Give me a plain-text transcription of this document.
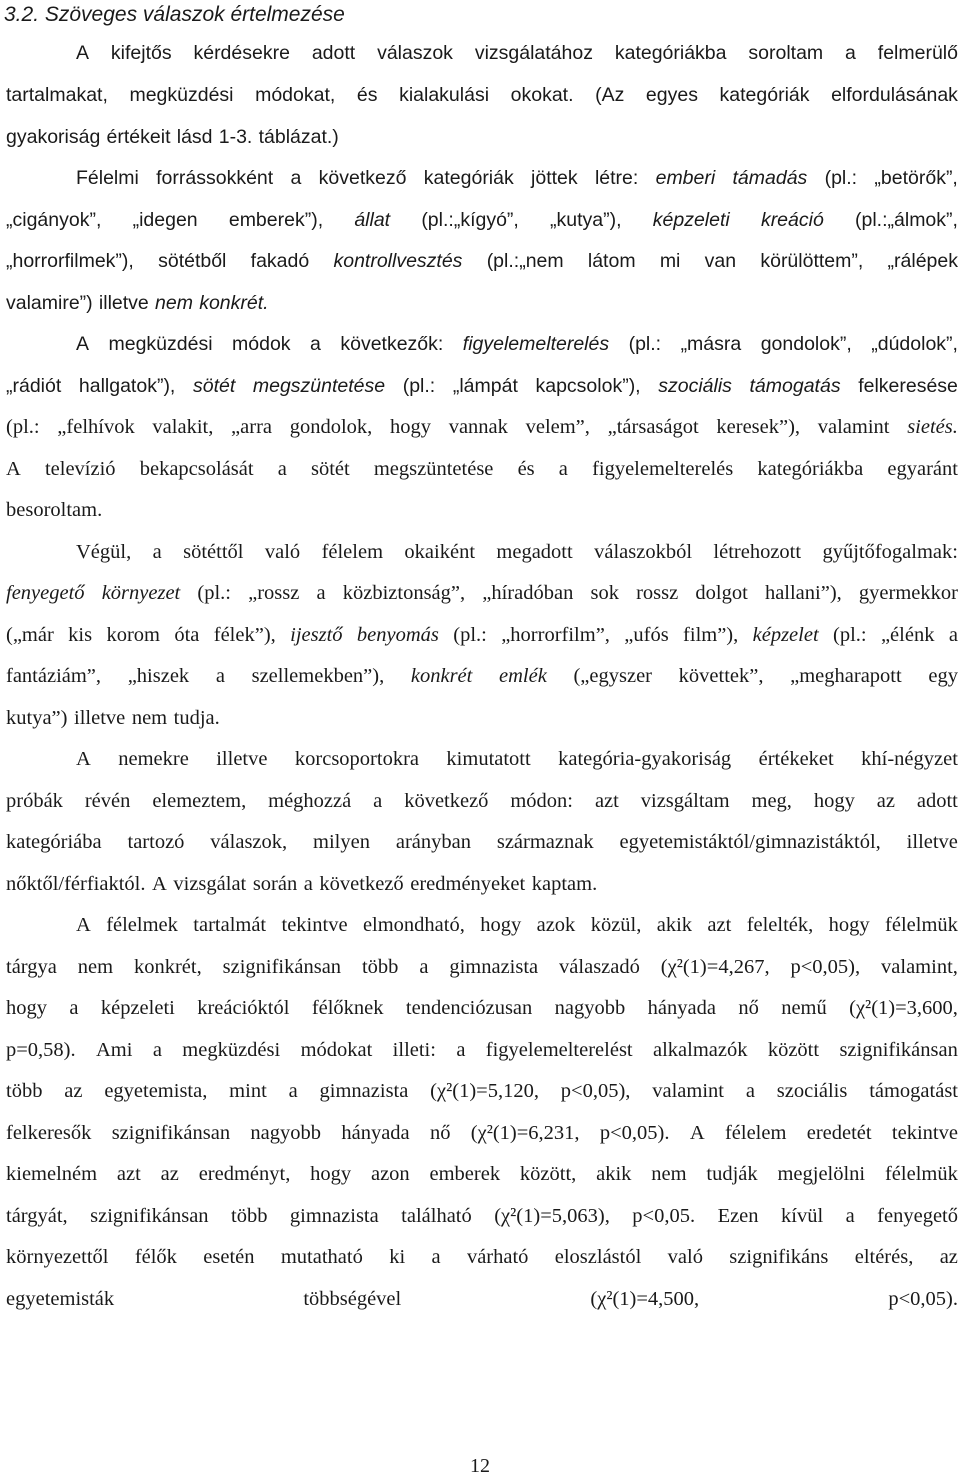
3.2. Szöveges válaszok értelmezése
A kifejtős kérdésekre adott válaszok vizsgálatához kategóriákba soroltam a felmerülő
tartalmakat, megküzdési módokat, és kialakulási okokat. (Az egyes kategóriák elfordulásának
gyakoriság értékeit lásd 1-3. táblázat.)
Félelmi forrássokként a következő kategóriák jöttek létre: emberi támadás (pl.: „betörők”,
„cigányok”, „idegen emberek”), állat (pl.:„kígyó”, „kutya”), képzeleti kreáció (pl.:„álmok”,
„horrorfilmek”), sötétből fakadó kontrollvesztés (pl.:„nem látom mi van körülöttem”, „rálépek
valamire”) illetve nem konkrét.
A megküzdési módok a következők: figyelemelterelés (pl.: „másra gondolok”, „dúdolok”,
„rádiót hallgatok”), sötét megszüntetése (pl.: „lámpát kapcsolok”), szociális támogatás felkeresése
(pl.: „felhívok valakit, „arra gondolok, hogy vannak velem”, „társaságot keresek”), valamint sietés.
A televízió bekapcsolását a sötét megszüntetése és a figyelemelterelés kategóriákba egyaránt
besoroltam.
Végül, a sötéttől való félelem okaiként megadott válaszokból létrehozott gyűjtőfogalmak:
fenyegető környezet (pl.: „rossz a közbiztonság”, „híradóban sok rossz dolgot hallani”), gyermekkor
(„már kis korom óta félek”), ijesztő benyomás (pl.: „horrorfilm”, „ufós film”), képzelet (pl.: „élénk a
fantáziám”, „hiszek a szellemekben”), konkrét emlék („egyszer követtek”, „megharapott egy
kutya”) illetve nem tudja.
A nemekre illetve korcsoportokra kimutatott kategória-gyakoriság értékeket khí-négyzet
próbák révén elemeztem, méghozzá a következő módon: azt vizsgáltam meg, hogy az adott
kategóriába tartozó válaszok, milyen arányban származnak egyetemistáktól/gimnazistáktól, illetve
nőktől/férfiaktól. A vizsgálat során a következő eredményeket kaptam.
A félelmek tartalmát tekintve elmondható, hogy azok közül, akik azt felelték, hogy félelmük
tárgya nem konkrét, szignifikánsan több a gimnazista válaszadó (χ²(1)=4,267, p<0,05), valamint,
hogy a képzeleti kreációktól félőknek tendenciózusan nagyobb hányada nő nemű (χ²(1)=3,600,
p=0,58). Ami a megküzdési módokat illeti: a figyelemelterelést alkalmazók között szignifikánsan
több az egyetemista, mint a gimnazista (χ²(1)=5,120, p<0,05), valamint a szociális támogatást
felkeresők szignifikánsan nagyobb hányada nő (χ²(1)=6,231, p<0,05). A félelem eredetét tekintve
kiemelném azt az eredményt, hogy azon emberek között, akik nem tudják megjelölni félelmük
tárgyát, szignifikánsan több gimnazista található (χ²(1)=5,063), p<0,05. Ezen kívül a fenyegető
környezettől félők esetén mutatható ki a várható eloszlástól való szignifikáns eltérés, az
egyetemisták	többségével	(χ²(1)=4,500,	p<0,05).
12
